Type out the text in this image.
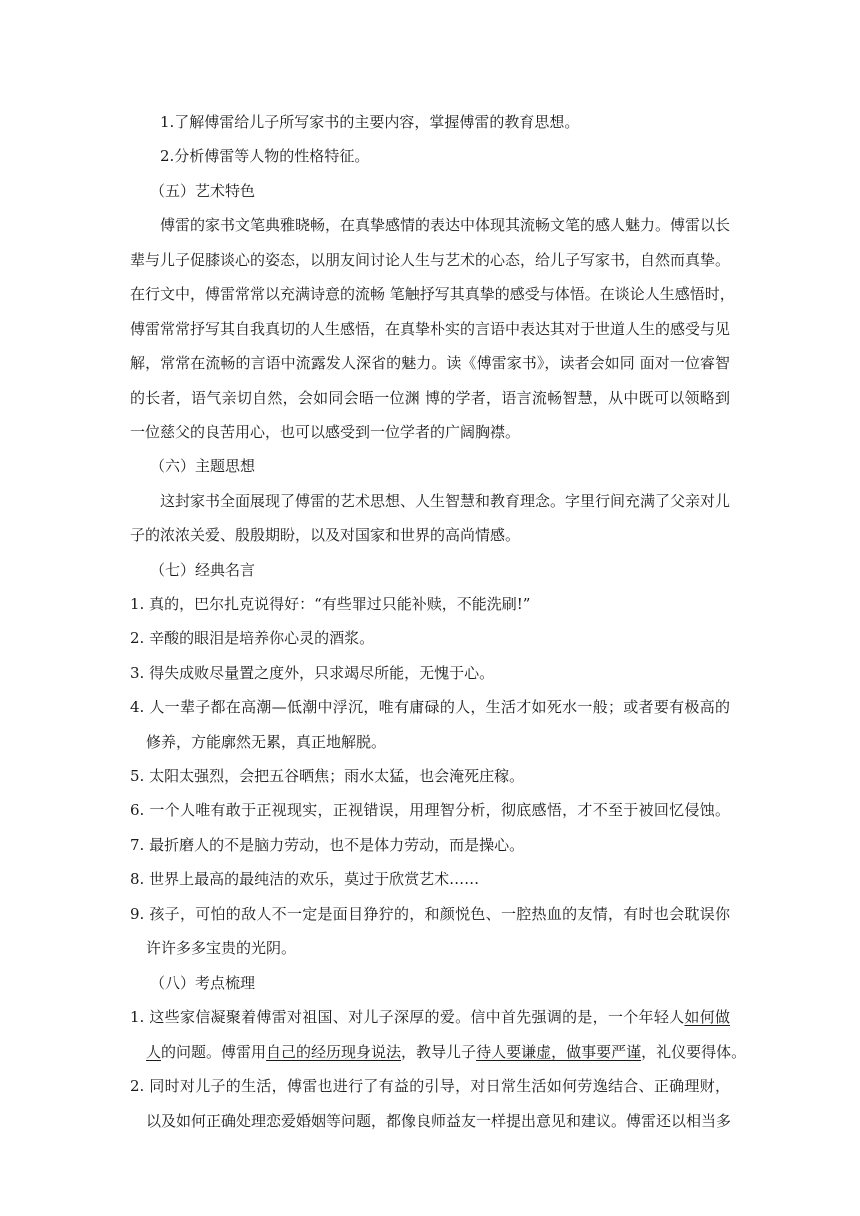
1.了解傅雷给儿子所写家书的主要内容，掌握傅雷的教育思想。
2.分析傅雷等人物的性格特征。
（五）艺术特色
傅雷的家书文笔典雅晓畅，在真挚感情的表达中体现其流畅文笔的感人魅力。傅雷以长
辈与儿子促膝谈心的姿态，以朋友间讨论人生与艺术的心态，给儿子写家书，自然而真挚。
在行文中，傅雷常常以充满诗意的流畅 笔触抒写其真挚的感受与体悟。在谈论人生感悟时，
傅雷常常抒写其自我真切的人生感悟，在真挚朴实的言语中表达其对于世道人生的感受与见
解，常常在流畅的言语中流露发人深省的魅力。读《傅雷家书》，读者会如同 面对一位睿智
的长者，语气亲切自然，会如同会晤一位渊 博的学者，语言流畅智慧，从中既可以领略到
一位慈父的良苦用心，也可以感受到一位学者的广阔胸襟。
（六）主题思想
这封家书全面展现了傅雷的艺术思想、人生智慧和教育理念。字里行间充满了父亲对儿
子的浓浓关爱、殷殷期盼，以及对国家和世界的高尚情感。
（七）经典名言
1. 真的，巴尔扎克说得好：“有些罪过只能补赎，不能洗刷!”
2. 辛酸的眼泪是培养你心灵的酒浆。
3. 得失成败尽量置之度外，只求竭尽所能，无愧于心。
4. 人一辈子都在高潮—低潮中浮沉，唯有庸碌的人，生活才如死水一般；或者要有极高的
修养，方能廓然无累，真正地解脱。
5. 太阳太强烈，会把五谷晒焦；雨水太猛，也会淹死庄稼。
6. 一个人唯有敢于正视现实，正视错误，用理智分析，彻底感悟，才不至于被回忆侵蚀。
7. 最折磨人的不是脑力劳动，也不是体力劳动，而是操心。
8. 世界上最高的最纯洁的欢乐，莫过于欣赏艺术……
9. 孩子，可怕的敌人不一定是面目狰狞的，和颜悦色、一腔热血的友情，有时也会耽误你
许许多多宝贵的光阴。
（八）考点梳理
1. 这些家信凝聚着傅雷对祖国、对儿子深厚的爱。信中首先强调的是，一个年轻人如何做
人的问题。傅雷用自己的经历现身说法，教导儿子待人要谦虚，做事要严谨，礼仪要得体。
2. 同时对儿子的生活，傅雷也进行了有益的引导，对日常生活如何劳逸结合、正确理财，
以及如何正确处理恋爱婚姻等问题，都像良师益友一样提出意见和建议。傅雷还以相当多
